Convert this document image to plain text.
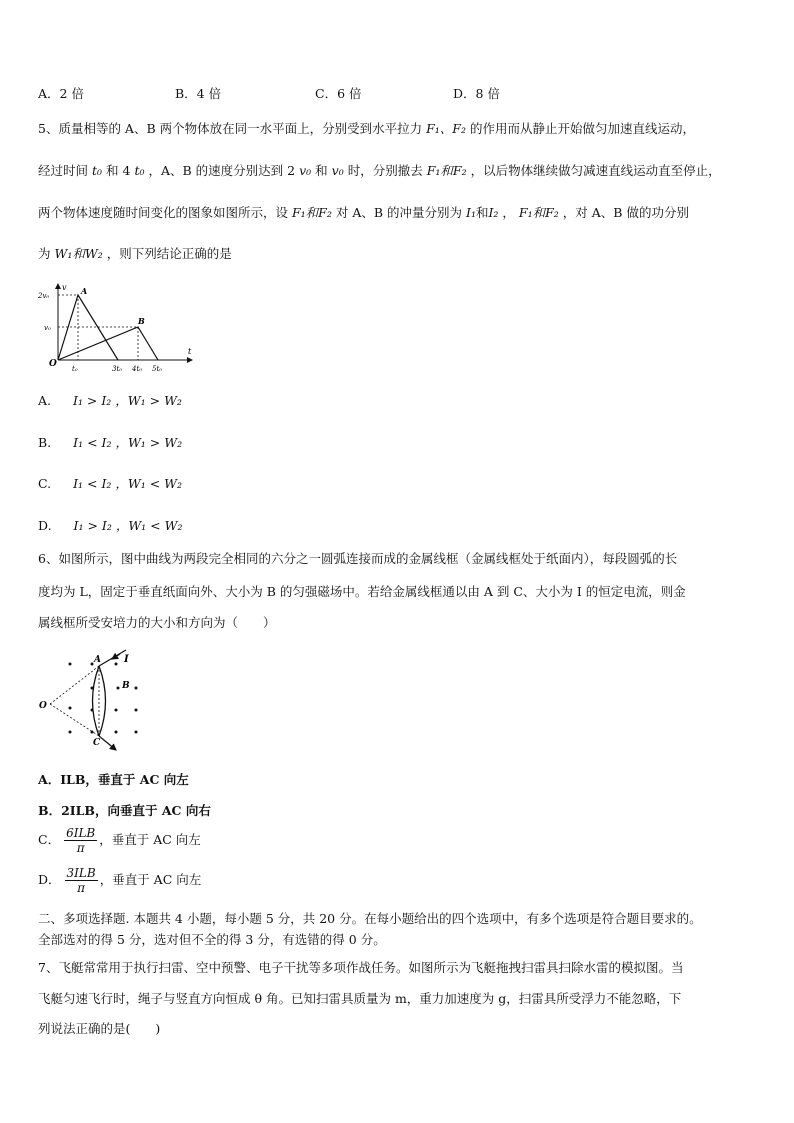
A．2 倍	B．4 倍	C．6 倍	D．8 倍
5、质量相等的 A、B 两个物体放在同一水平面上，分别受到水平拉力 F₁、F₂ 的作用而从静止开始做匀加速直线运动，
经过时间 t₀ 和 4 t₀ ，A、B 的速度分别达到 2 v₀ 和 v₀ 时，分别撤去 F₁和F₂ ，以后物体继续做匀减速直线运动直至停止，
两个物体速度随时间变化的图象如图所示，设 F₁和F₂ 对 A、B 的冲量分别为 I₁和I₂ ， F₁和F₂ ，对 A、B 做的功分别
为 W₁和W₂ ，则下列结论正确的是
v
t
O
2v₀
v₀
t₀	3t₀ 4t₀ 5t₀
A
B
A. I₁ > I₂ ，W₁ > W₂
B. I₁ < I₂ ，W₁ > W₂
C. I₁ < I₂ ，W₁ < W₂
D. I₁ > I₂ ，W₁ < W₂
6、如图所示，图中曲线为两段完全相同的六分之一圆弧连接而成的金属线框（金属线框处于纸面内），每段圆弧的长
度均为 L，固定于垂直纸面向外、大小为 B 的匀强磁场中。若给金属线框通以由 A 到 C、大小为 I 的恒定电流，则金
属线框所受安培力的大小和方向为（　　）
O
A
B
C
I
A．ILB，垂直于 AC 向左
B．2ILB，向垂直于 AC 向右
C． $\frac{\text{6ILB}}{\pi}$ ，垂直于 AC 向左
D． $\frac{\text{3ILB}}{\pi}$ ，垂直于 AC 向左
二、多项选择题. 本题共 4 小题，每小题 5 分，共 20 分。在每小题给出的四个选项中，有多个选项是符合题目要求的。
全部选对的得 5 分，选对但不全的得 3 分，有选错的得 0 分。
7、飞艇常常用于执行扫雷、空中预警、电子干扰等多项作战任务。如图所示为飞艇拖拽扫雷具扫除水雷的模拟图。当
飞艇匀速飞行时，绳子与竖直方向恒成 θ 角。已知扫雷具质量为 m，重力加速度为 g，扫雷具所受浮力不能忽略，下
列说法正确的是(　　)
